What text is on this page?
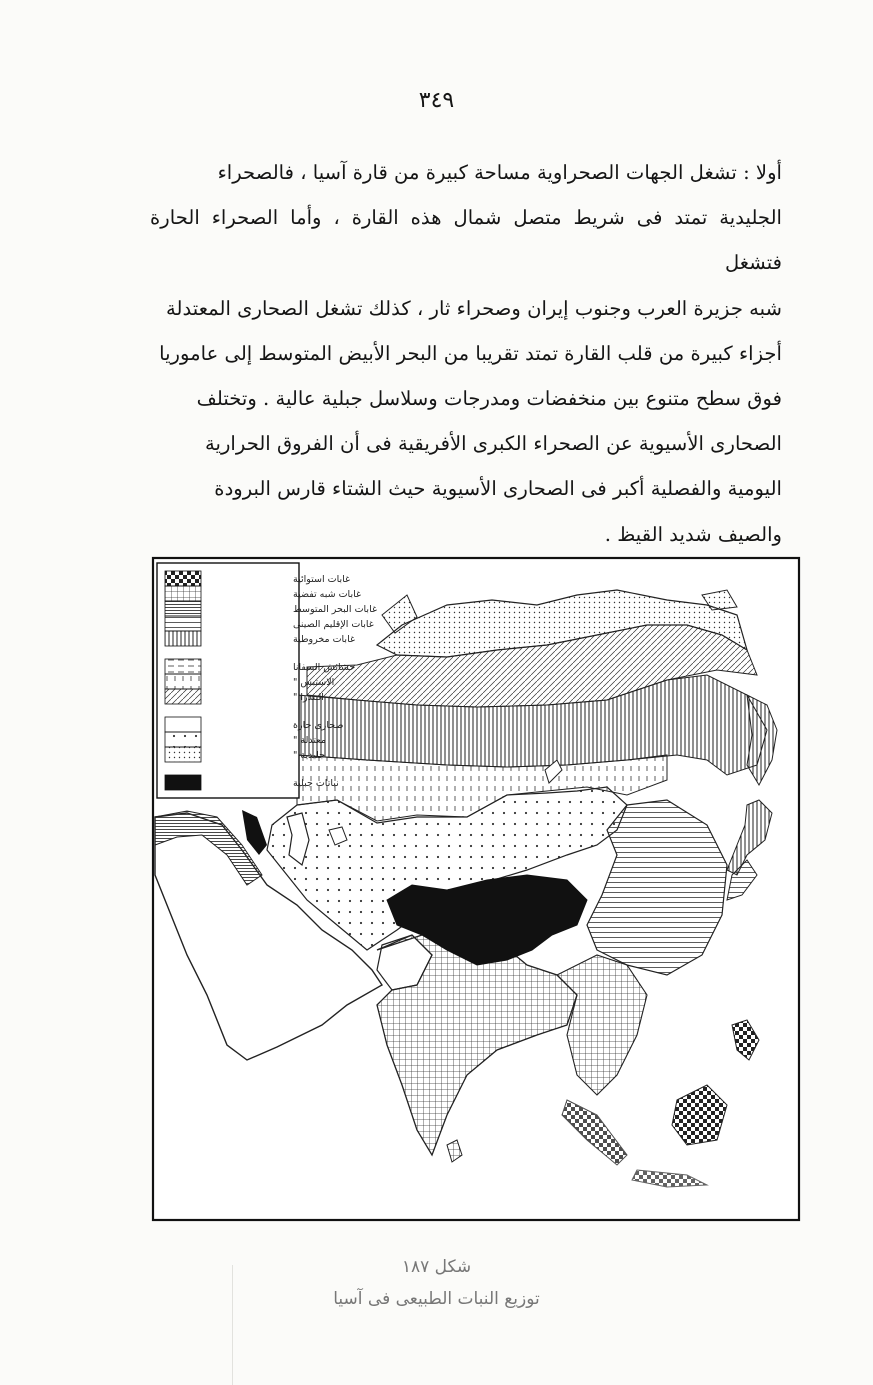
٣٤٩

أولا : تشغل الجهات الصحراوية مساحة كبيرة من قارة آسيا ، فالصحراء

الجليدية تمتد فى شريط متصل شمال هذه القارة ، وأما الصحراء الحارة فتشغل

شبه جزيرة العرب وجنوب إيران وصحراء ثار ، كذلك تشغل الصحارى المعتدلة

أجزاء كبيرة من قلب القارة تمتد تقريبا من البحر الأبيض المتوسط إلى عاموريا

فوق سطح متنوع بين منخفضات ومدرجات وسلاسل جبلية عالية . وتختلف

الصحارى الأسيوية عن الصحراء الكبرى الأفريقية فى أن الفروق الحرارية

اليومية والفصلية أكبر فى الصحارى الأسيوية حيث الشتاء قارس البرودة

والصيف شديد القيظ .

غابات استوائية
غابات شبه تفضية
غابات البحر المتوسط
غابات الإقليم الصينى
غابات مخروطية
حشائش السفانا
الاستبس "
التندرا "
صحارى حارة
معتدلة "
جليدية "
نباتات جبلية
شكل ١٨٧
توزيع النبات الطبيعى فى آسيا
